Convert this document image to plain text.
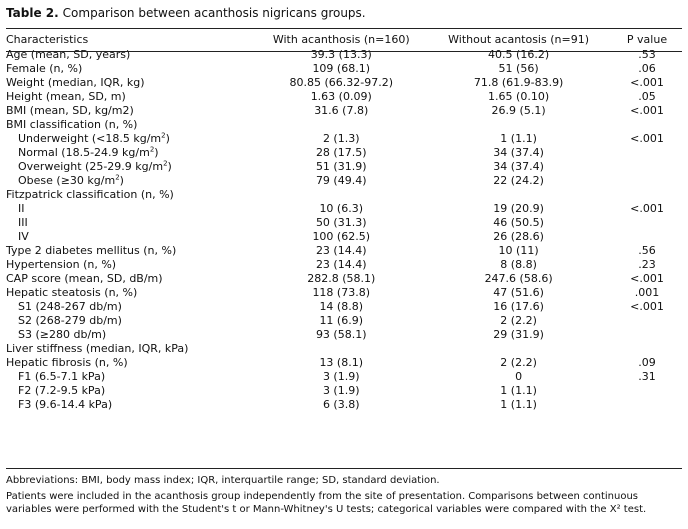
Table 2. Comparison between acanthosis nigricans groups.
Characteristics	With acanthosis (n=160)	Without acantosis (n=91)	P value
Age (mean, SD, years)	39.3 (13.3)	40.5 (16.2)	.53
Female (n, %)	109 (68.1)	51 (56)	.06
Weight (median, IQR, kg)	80.85 (66.32-97.2)	71.8 (61.9-83.9)	<.001
Height (mean, SD, m)	1.63 (0.09)	1.65 (0.10)	.05
BMI (mean, SD, kg/m2)	31.6 (7.8)	26.9 (5.1)	<.001
BMI classification (n, %)			
Underweight (<18.5 $kg/m^2$)	2 (1.3)	1 (1.1)	<.001
Normal (18.5-24.9 $kg/m^2$)	28 (17.5)	34 (37.4)	
Overweight (25-29.9 $kg/m^2$)	51 (31.9)	34 (37.4)	
Obese (≥30 $kg/m^2$)	79 (49.4)	22 (24.2)	
Fitzpatrick classification (n, %)			
II	10 (6.3)	19 (20.9)	<.001
III	50 (31.3)	46 (50.5)	
IV	100 (62.5)	26 (28.6)	
Type 2 diabetes mellitus (n, %)	23 (14.4)	10 (11)	.56
Hypertension (n, %)	23 (14.4)	8 (8.8)	.23
CAP score (mean, SD, dB/m)	282.8 (58.1)	247.6 (58.6)	<.001
Hepatic steatosis (n, %)	118 (73.8)	47 (51.6)	.001
S1 (248-267 db/m)	14 (8.8)	16 (17.6)	<.001
S2 (268-279 db/m)	11 (6.9)	2 (2.2)	
S3 (≥280 db/m)	93 (58.1)	29 (31.9)	
Liver stiffness (median, IQR, kPa)			
Hepatic fibrosis (n, %)	13 (8.1)	2 (2.2)	.09
F1 (6.5-7.1 kPa)	3 (1.9)	0	.31
F2 (7.2-9.5 kPa)	3 (1.9)	1 (1.1)	
F3 (9.6-14.4 kPa)	6 (3.8)	1 (1.1)	
Abbreviations: BMI, body mass index; IQR, interquartile range; SD, standard deviation.
Patients were included in the acanthosis group independently from the site of presentation. Comparisons between continuous variables were performed with the Student's t or Mann-Whitney's U tests; categorical variables were compared with the X² test.
